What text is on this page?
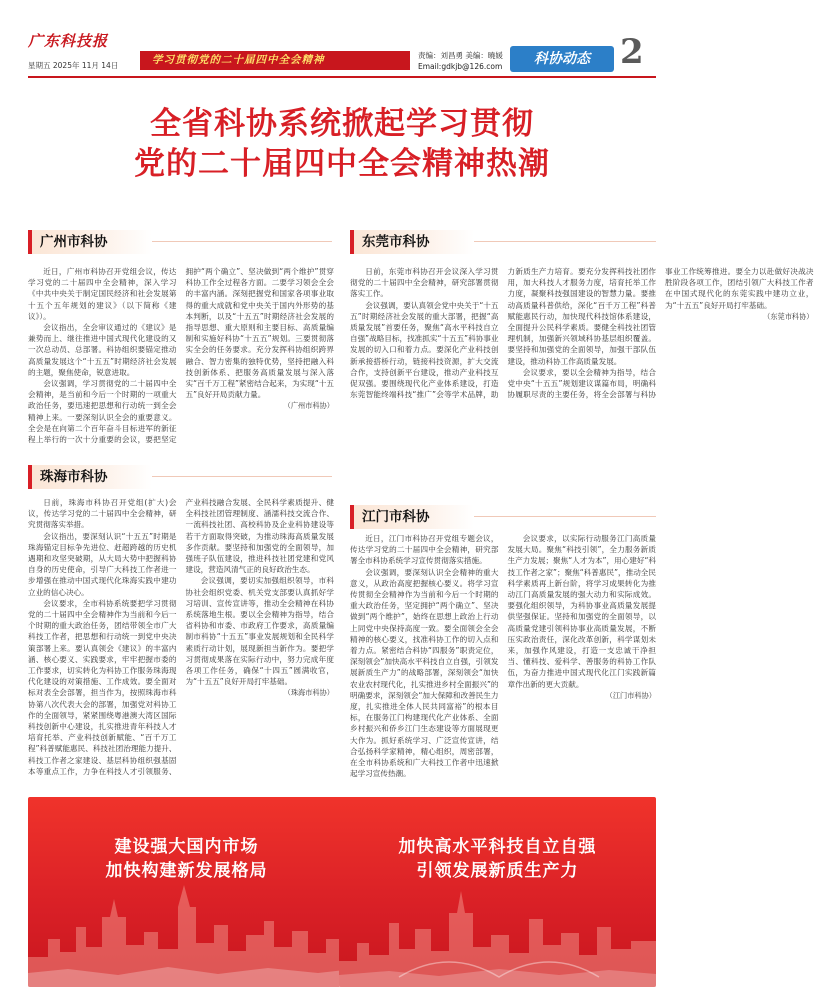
广东科技报
星期五 2025年 11月 14日	学习贯彻党的二十届四中全会精神	责编：刘昌勇 美编：曉媛
Email:gdkjb@126.com	科协动态 2
全省科协系统掀起学习贯彻
党的二十届四中全会精神热潮
广州市科协

近日，广州市科协召开党组会议，传达学习党的二十届四中全会精神，深入学习《中共中央关于制定国民经济和社会发展第十五个五年规划的建议》（以下简称《建议》）。

会议指出，全会审议通过的《建议》是兼势而上、继往推进中国式现代化建设的又一次总动员、总部署。科协组织要锚定推动高质量发展这个“十五五”时期经济社会发展的主题，聚焦使命，锐意进取。

会议强调，学习贯彻党的二十届四中全会精神，是当前和今后一个时期的一项重大政治任务，要迅速把思想和行动统一到全会精神上来。一要深刻认识全会的重要意义。全会是在向第二个百年奋斗目标进军的新征程上举行的一次十分重要的会议，要把坚定拥护“两个确立”、坚决做到“两个维护”贯穿科协工作全过程各方面。二要学习领会全会的丰富内涵。深刻把握党和国家各项事业取得的重大成就和党中央关于国内外形势的基本判断，以及“十五五”时期经济社会发展的指导思想、重大原则和主要目标、高质量编制和实施好科协“十五五”规划。三要贯彻落实全会的任务要求。充分发挥科协组织跨界融合、智力密集的独特优势，坚持把融入科技创新体系、把服务高质量发展与深入落实“百千万工程”紧密结合起来，为实现“十五五”良好开局贡献力量。

（广州市科协）
东莞市科协

日前，东莞市科协召开会议深入学习贯彻党的二十届四中全会精神，研究部署贯彻落实工作。

会议强调，要认真领会党中央关于“十五五”时期经济社会发展的重大部署，把握“高质量发展”首要任务，聚焦“高水平科技自立自强”战略目标，找准抓实“十五五”科协事业发展的切入口和着力点。要深化产业科技创新承接搭桥行动，链接科技资源，扩大交流合作，支持创新平台建设，推动产业科技互促双强。要围绕现代化产业体系建设，打造东莞智能终端科技“推广”会等学术品牌，助力新质生产力培育。要充分发挥科技社团作用，加大科技人才服务力度，培育托举工作力度，凝聚科技强国建设的智慧力量。要推动高质量科普供给，深化“百千万工程”科普赋能惠民行动，加快现代科技馆体系建设，全面提升公民科学素质。要健全科技社团管理机制，加强新兴领域科协基层组织覆盖。要坚持和加强党的全面领导，加强干部队伍建设，推动科协工作高质量发展。

会议要求，要以全会精神为指导，结合党中央“十五五”规划建议谋篇布局，明确科协履职尽责的主要任务，将全会部署与科协事业工作统筹推进。要全力以赴做好决战决胜阶段各项工作，团结引领广大科技工作者在中国式现代化的东莞实践中建功立业，为“十五五”良好开局打牢基础。

（东莞市科协）
珠海市科协

日前，珠海市科协召开党组(扩大)会议，传达学习党的二十届四中全会精神，研究贯彻落实举措。

会议指出，要深刻认识“十五五”时期是珠海锚定目标争先进位、赶超跨越的历史机遇期和攻坚突破期，从大局大势中把握科协自身的历史使命，引导广大科技工作者进一步增强在推动中国式现代化珠海实践中建功立业的信心决心。

会议要求，全市科协系统要把学习贯彻党的二十届四中全会精神作为当前和今后一个时期的重大政治任务，团结带领全市广大科技工作者，把思想和行动统一到党中央决策部署上来。要认真领会《建议》的丰富内涵、核心要义、实践要求，牢牢把握市委的工作要求，切实转化为科协工作服务珠海现代化建设的对策措施、工作成效。要全面对标对表全会部署，担当作为，按照珠海市科协第八次代表大会的部署，加强党对科协工作的全面领导，紧紧围绕粤港澳大湾区国际科技创新中心建设，扎实推进青年科技人才培育托举、产业科技创新赋能、“百千万工程”科普赋能惠民、科技社团治理能力提升、科技工作者之家建设、基层科协组织强基固本等重点工作，力争在科技人才引领服务、产业科技融合发展、全民科学素质提升、健全科技社团管理制度、涵濡科技交流合作、一流科技社团、高校科协及企业科协建设等若干方面取得突破，为推动珠海高质量发展多作贡献。要坚持和加强党的全面领导，加强班子队伍建设，推进科技社团党建和党风建设，营造风清气正的良好政治生态。

会议强调，要切实加强组织领导，市科协社会组织党委、机关党支部要认真抓好学习培训、宣传宣讲等，推动全会精神在科协系统落地生根。要以全会精神为指导，结合省科协和市委、市政府工作要求，高质量编制市科协“十五五”事业发展规划和全民科学素质行动计划，展现新担当新作为。要把学习贯彻成果落在实际行动中，努力完成年度各项工作任务，确保“十四五”圆满收官，为“十五五”良好开局打牢基础。

（珠海市科协）
江门市科协

近日，江门市科协召开党组专题会议，传达学习党的二十届四中全会精神，研究部署全市科协系统学习宣传贯彻落实措施。

会议强调，要深刻认识全会精神的重大意义，从政治高度把握核心要义。将学习宣传贯彻全会精神作为当前和今后一个时期的重大政治任务，坚定拥护“两个确立”、坚决做到“两个维护”，始终在思想上政治上行动上同党中央保持高度一致。要全面领会全会精神的核心要义，找准科协工作的切入点和着力点。紧密结合科协“四服务”职责定位，深刻领会“加快高水平科技自立自强，引领发展新质生产力”的战略部署，深刻领会“加快农业农村现代化，扎实推进乡村全面振兴”的明确要求，深刻领会“加大保障和改善民生力度，扎实推进全体人民共同富裕”的根本目标，在服务江门构建现代化产业体系、全面乡村振兴和侨乡江门生态建设等方面展现更大作为。抓好系统学习、广泛宣传宣讲，结合弘扬科学家精神，精心组织，周密部署，在全市科协系统和广大科技工作者中迅速掀起学习宣传热潮。

会议要求，以实际行动服务江门高质量发展大局。聚焦“科技引领”，全力服务新质生产力发展；聚焦“人才为本”，用心建好“科技工作者之家”；聚焦“科普惠民”，推动全民科学素质再上新台阶，将学习成果转化为推动江门高质量发展的强大动力和实际成效。要强化组织领导，为科协事业高质量发展提供坚强保证。坚持和加强党的全面领导，以高质量党建引领科协事业高质量发展，不断压实政治责任，深化改革创新，科学谋划未来，加强作风建设，打造一支忠诚干净担当、懂科技、爱科学、善服务的科协工作队伍，为奋力推进中国式现代化江门实践新篇章作出新的更大贡献。

（江门市科协）
建设强大国内市场
加快构建新发展格局
加快高水平科技自立自强
引领发展新质生产力
